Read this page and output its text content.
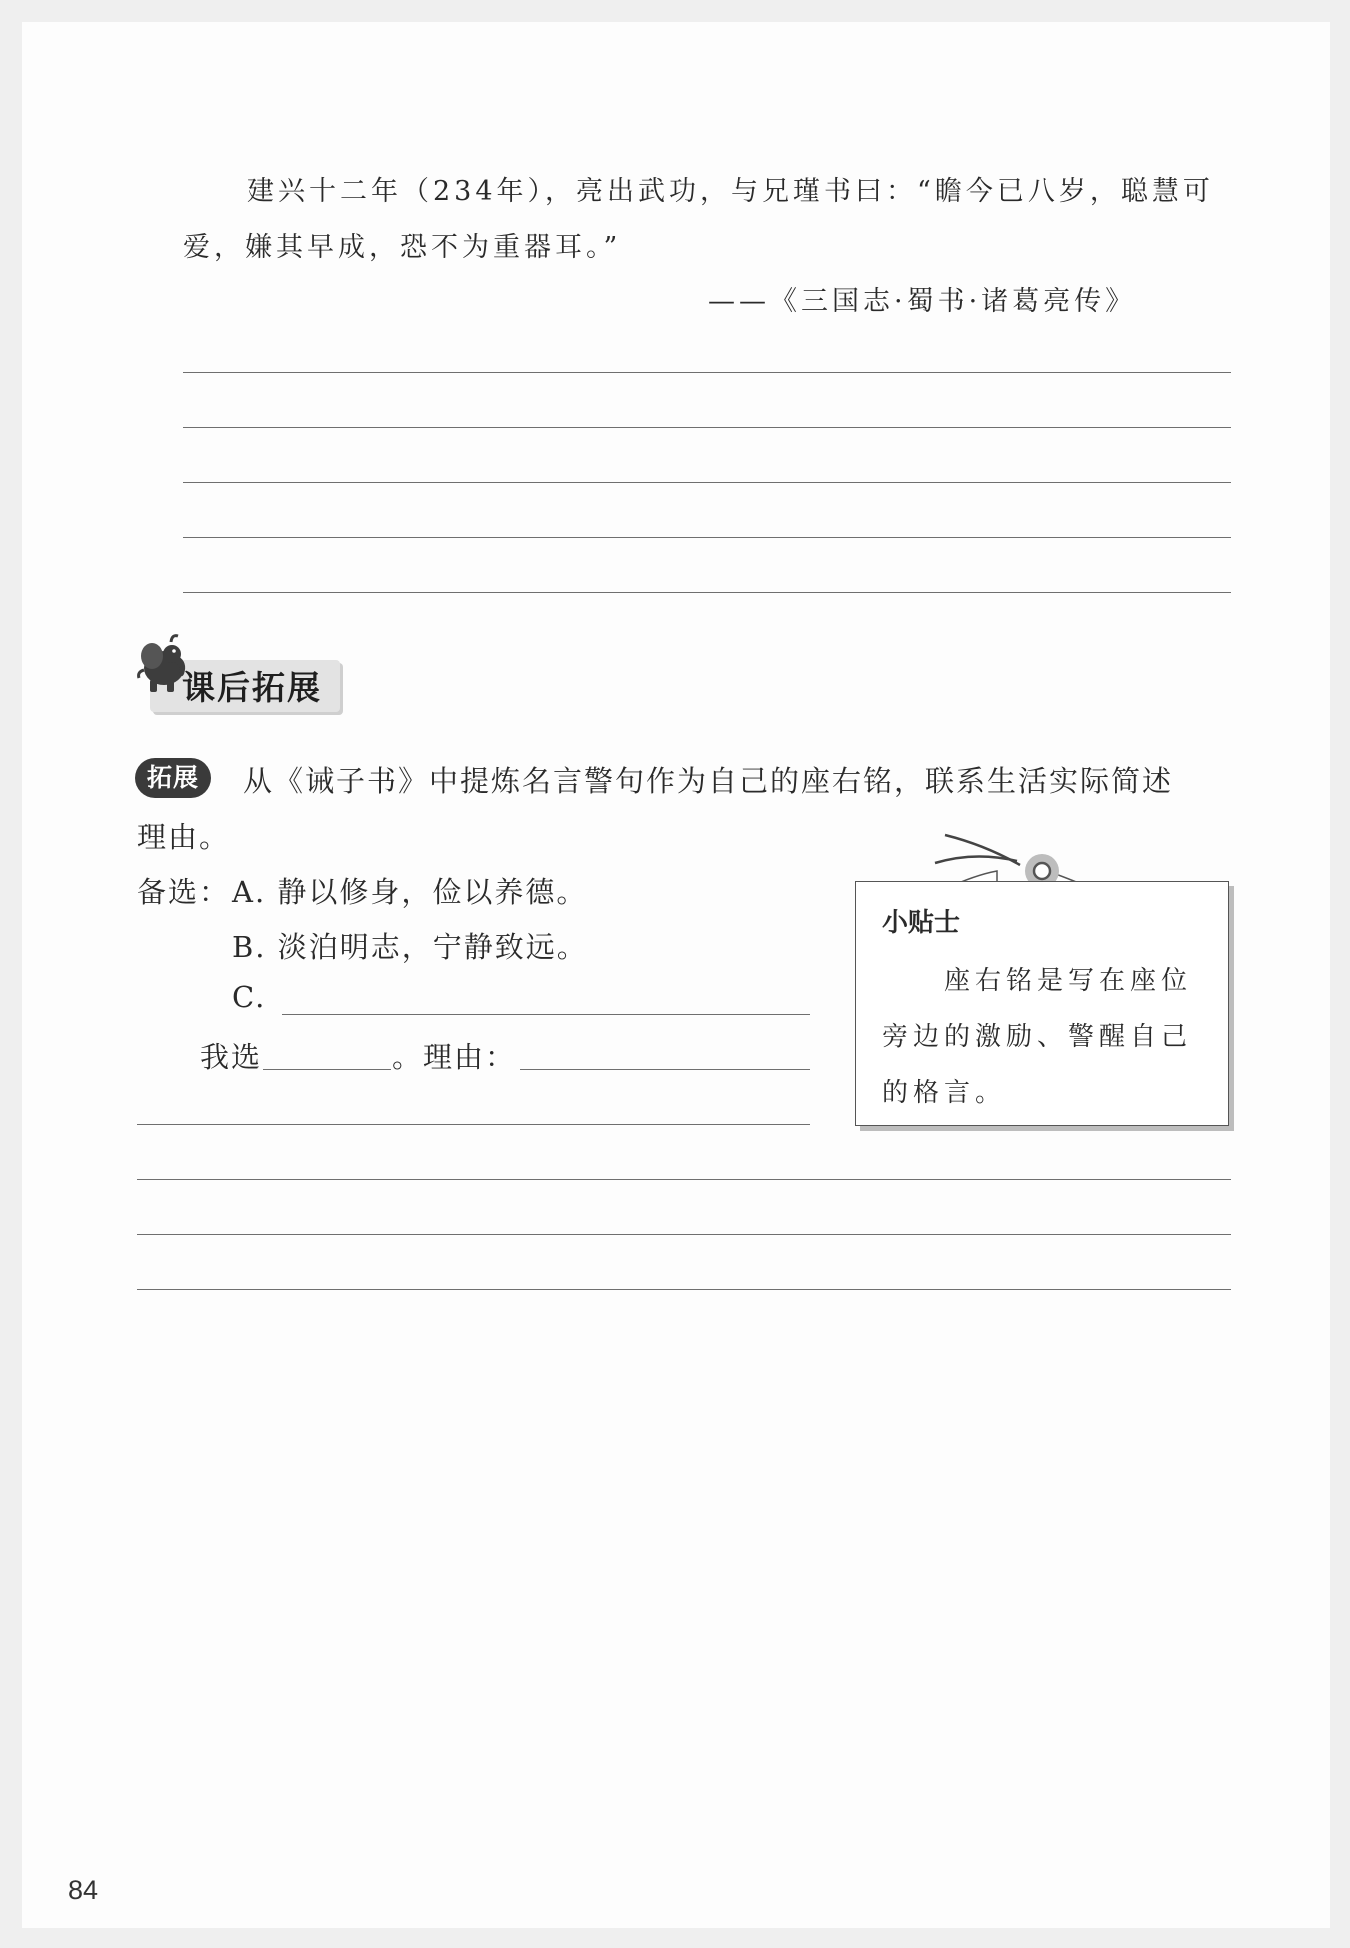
建兴十二年（234年），亮出武功，与兄瑾书曰：“瞻今已八岁，聪慧可
爱，嫌其早成，恐不为重器耳。”
——《三国志·蜀书·诸葛亮传》
课后拓展
拓展	从《诫子书》中提炼名言警句作为自己的座右铭，联系生活实际简述
理由。
备选： A. 静以修身，俭以养德。
B. 淡泊明志，宁静致远。
C.
我选	。理由：
小贴士
座右铭是写在座位旁边的激励、警醒自己的格言。
84
